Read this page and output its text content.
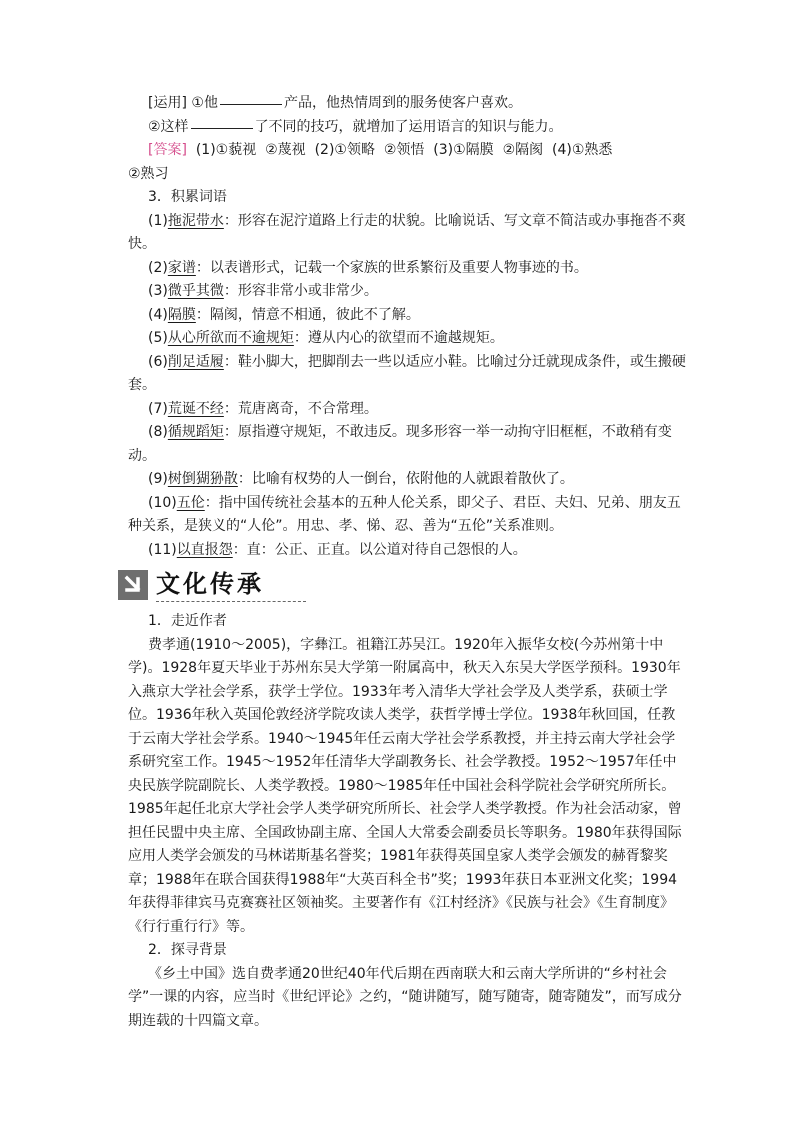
[运用] ①他	产品，他热情周到的服务使客户喜欢。

②这样	了不同的技巧，就增加了运用语言的知识与能力。

[答案]  (1)①藐视  ②蔑视  (2)①领略  ②领悟  (3)①隔膜  ②隔阂  (4)①熟悉

②熟习

3．积累词语

(1)拖泥带水：形容在泥泞道路上行走的状貌。比喻说话、写文章不简洁或办事拖沓不爽快。

(2)家谱：以表谱形式，记载一个家族的世系繁衍及重要人物事迹的书。

(3)微乎其微：形容非常小或非常少。

(4)隔膜：隔阂，情意不相通，彼此不了解。

(5)从心所欲而不逾规矩：遵从内心的欲望而不逾越规矩。

(6)削足适履：鞋小脚大，把脚削去一些以适应小鞋。比喻过分迁就现成条件，或生搬硬套。

(7)荒诞不经：荒唐离奇，不合常理。

(8)循规蹈矩：原指遵守规矩，不敢违反。现多形容一举一动拘守旧框框，不敢稍有变动。

(9)树倒猢狲散：比喻有权势的人一倒台，依附他的人就跟着散伙了。

(10)五伦：指中国传统社会基本的五种人伦关系，即父子、君臣、夫妇、兄弟、朋友五种关系，是狭义的“人伦”。用忠、孝、悌、忍、善为“五伦”关系准则。

(11)以直报怨：直：公正、正直。以公道对待自己怨恨的人。

文化传承

1．走近作者

费孝通(1910～2005)，字彝江。祖籍江苏吴江。1920年入振华女校(今苏州第十中学)。1928年夏天毕业于苏州东吴大学第一附属高中，秋天入东吴大学医学预科。1930年入燕京大学社会学系，获学士学位。1933年考入清华大学社会学及人类学系，获硕士学位。1936年秋入英国伦敦经济学院攻读人类学，获哲学博士学位。1938年秋回国，任教于云南大学社会学系。1940～1945年任云南大学社会学系教授，并主持云南大学社会学系研究室工作。1945～1952年任清华大学副教务长、社会学教授。1952～1957年任中央民族学院副院长、人类学教授。1980～1985年任中国社会科学院社会学研究所所长。1985年起任北京大学社会学人类学研究所所长、社会学人类学教授。作为社会活动家，曾担任民盟中央主席、全国政协副主席、全国人大常委会副委员长等职务。1980年获得国际应用人类学会颁发的马林诺斯基名誉奖；1981年获得英国皇家人类学会颁发的赫胥黎奖章；1988年在联合国获得1988年“大英百科全书”奖；1993年获日本亚洲文化奖；1994年获得菲律宾马克赛赛社区领袖奖。主要著作有《江村经济》《民族与社会》《生育制度》《行行重行行》等。

2．探寻背景

《乡土中国》选自费孝通20世纪40年代后期在西南联大和云南大学所讲的“乡村社会学”一课的内容，应当时《世纪评论》之约，“随讲随写，随写随寄，随寄随发”，而写成分期连载的十四篇文章。
